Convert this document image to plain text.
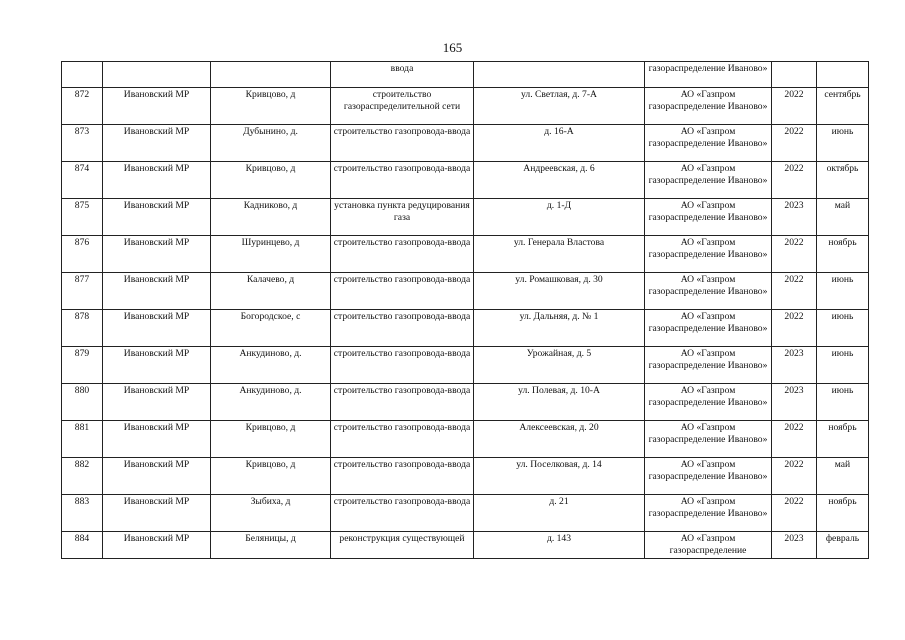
165
			ввода		газораспределение Иваново»		
872	Ивановский МР	Кривцово, д	строительство газораспределительной сети	ул. Светлая, д. 7-А	АО «Газпром газораспределение Иваново»	2022	сентябрь
873	Ивановский МР	Дубынино, д.	строительство газопровода-ввода	д. 16-А	АО «Газпром газораспределение Иваново»	2022	июнь
874	Ивановский МР	Кривцово, д	строительство газопровода-ввода	Андреевская, д. 6	АО «Газпром газораспределение Иваново»	2022	октябрь
875	Ивановский МР	Кадниково, д	установка пункта редуцирования газа	д. 1-Д	АО «Газпром газораспределение Иваново»	2023	май
876	Ивановский МР	Шуринцево, д	строительство газопровода-ввода	ул. Генерала Властова	АО «Газпром газораспределение Иваново»	2022	ноябрь
877	Ивановский МР	Калачево, д	строительство газопровода-ввода	ул. Ромашковая, д. 30	АО «Газпром газораспределение Иваново»	2022	июнь
878	Ивановский МР	Богородское, с	строительство газопровода-ввода	ул. Дальняя, д. № 1	АО «Газпром газораспределение Иваново»	2022	июнь
879	Ивановский МР	Анкудиново, д.	строительство газопровода-ввода	Урожайная, д. 5	АО «Газпром газораспределение Иваново»	2023	июнь
880	Ивановский МР	Анкудиново, д.	строительство газопровода-ввода	ул. Полевая, д. 10-А	АО «Газпром газораспределение Иваново»	2023	июнь
881	Ивановский МР	Кривцово, д	строительство газопровода-ввода	Алексеевская, д. 20	АО «Газпром газораспределение Иваново»	2022	ноябрь
882	Ивановский МР	Кривцово, д	строительство газопровода-ввода	ул. Поселковая, д. 14	АО «Газпром газораспределение Иваново»	2022	май
883	Ивановский МР	Зыбиха, д	строительство газопровода-ввода	д. 21	АО «Газпром газораспределение Иваново»	2022	ноябрь
884	Ивановский МР	Беляницы, д	реконструкция существующей	д. 143	АО «Газпром газораспределение	2023	февраль
